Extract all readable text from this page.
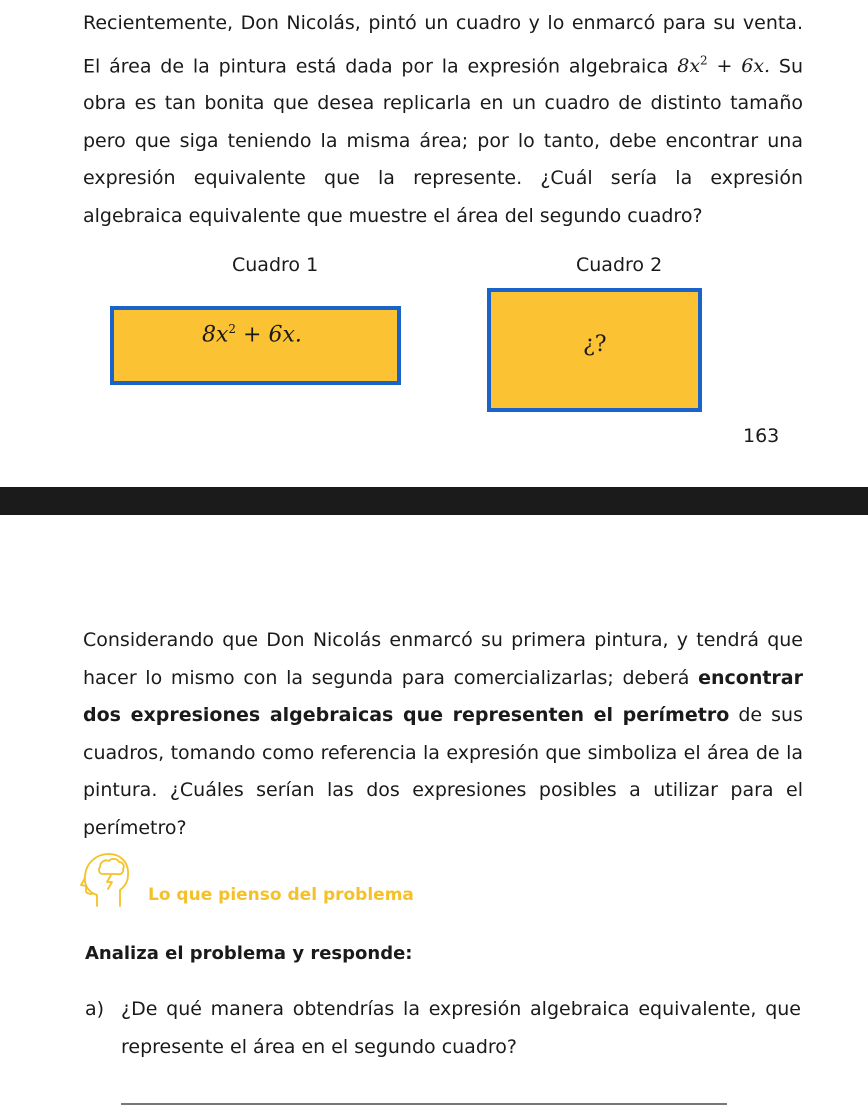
Recientemente, Don Nicolás, pintó un cuadro y lo enmarcó para su venta. El área de la pintura está dada por la expresión algebraica $8x^2 + 6x$. Su obra es tan bonita que desea replicarla en un cuadro de distinto tamaño pero que siga teniendo la misma área; por lo tanto, debe encontrar una expresión equivalente que la represente. ¿Cuál sería la expresión algebraica equivalente que muestre el área del segundo cuadro?
Cuadro 1	Cuadro 2
$8x^2 + 6x$.	¿?
163
Considerando que Don Nicolás enmarcó su primera pintura, y tendrá que hacer lo mismo con la segunda para comercializarlas; deberá encontrar dos expresiones algebraicas que representen el perímetro de sus cuadros, tomando como referencia la expresión que simboliza el área de la pintura. ¿Cuáles serían las dos expresiones posibles a utilizar para el perímetro?
Lo que pienso del problema
Analiza el problema y responde:
a) ¿De qué manera obtendrías la expresión algebraica equivalente, que represente el área en el segundo cuadro?
